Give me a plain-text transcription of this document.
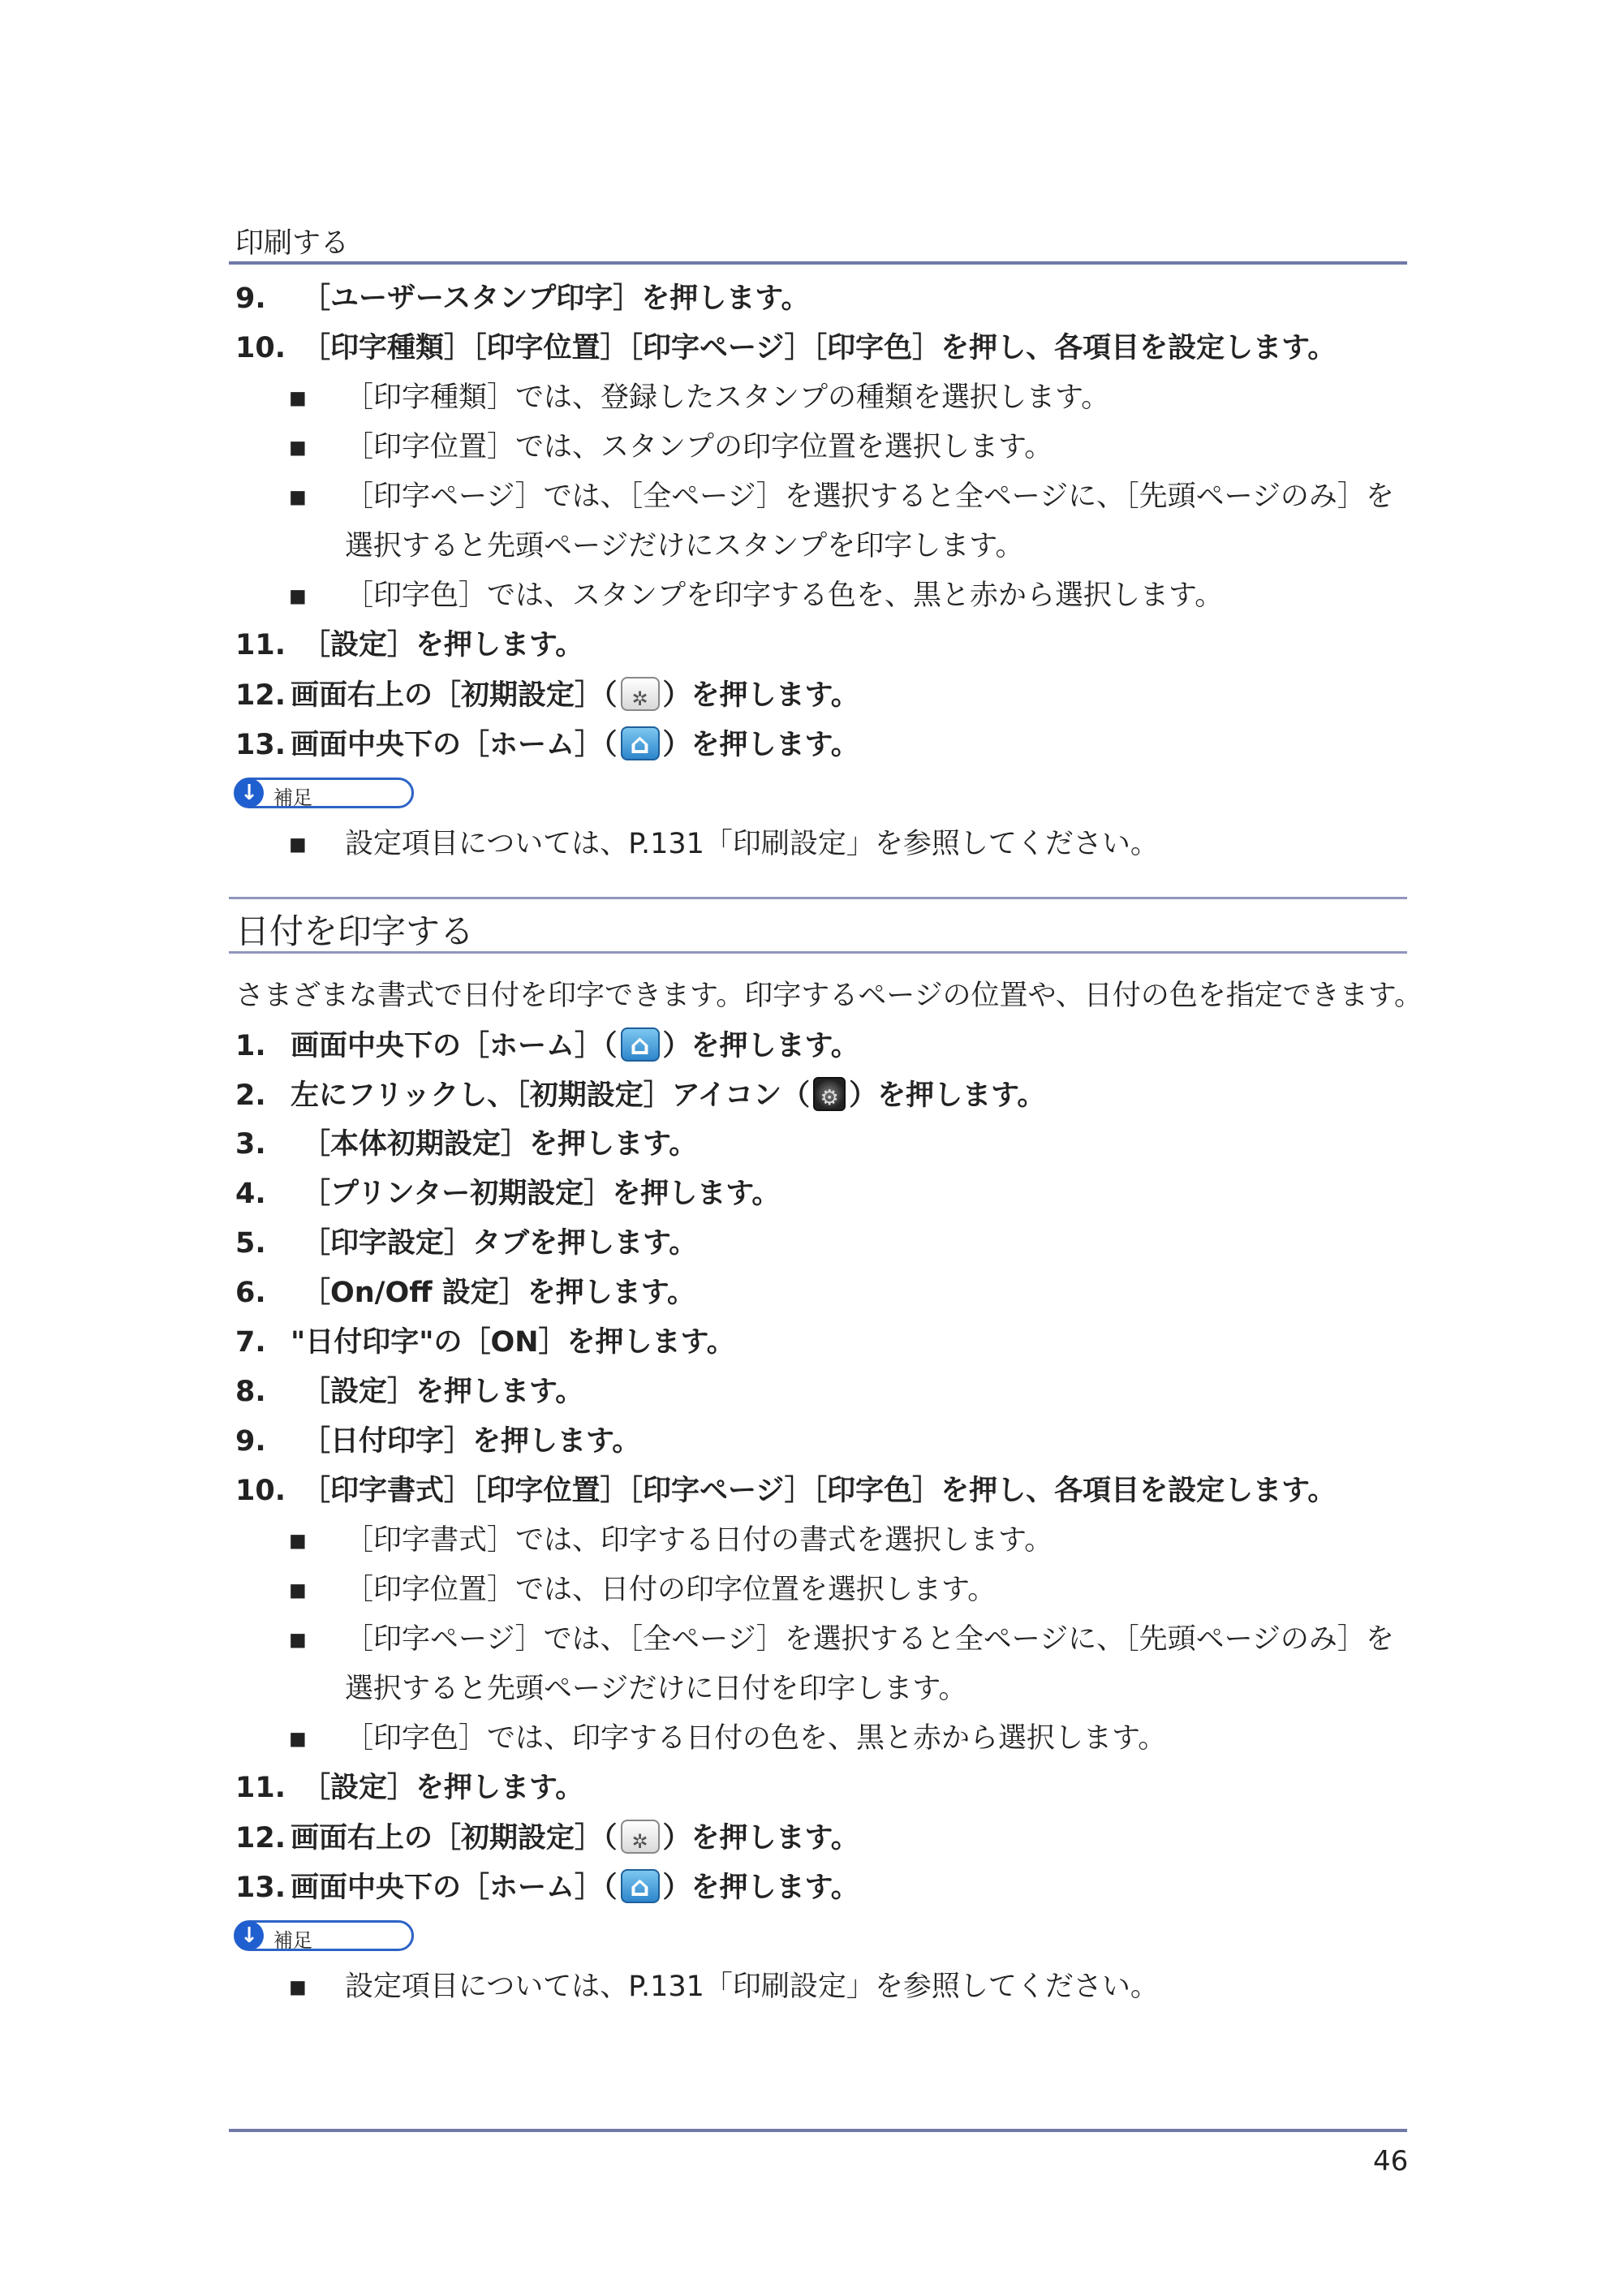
印刷する
9. ［ユーザースタンプ印字］を押します。
10. ［印字種類］［印字位置］［印字ページ］［印字色］を押し、各項目を設定します。
▪ ［印字種類］では、登録したスタンプの種類を選択します。
▪ ［印字位置］では、スタンプの印字位置を選択します。
▪ ［印字ページ］では、［全ページ］を選択すると全ページに、［先頭ページのみ］を
選択すると先頭ページだけにスタンプを印字します。
▪ ［印字色］では、スタンプを印字する色を、黒と赤から選択します。
11. ［設定］を押します。
12. 画面右上の［初期設定］（ ✲ ）を押します。
13. 画面中央下の［ホーム］（ ⌂ ）を押します。
↓ 補足
▪ 設定項目については、P.131「印刷設定」を参照してください。
日付を印字する
さまざまな書式で日付を印字できます。印字するページの位置や、日付の色を指定できます。
1. 画面中央下の［ホーム］（ ⌂ ）を押します。
2. 左にフリックし、［初期設定］アイコン（ ⚙ ）を押します。
3. ［本体初期設定］を押します。
4. ［プリンター初期設定］を押します。
5. ［印字設定］タブを押します。
6. ［On/Off 設定］を押します。
7. "日付印字"の［ON］を押します。
8. ［設定］を押します。
9. ［日付印字］を押します。
10. ［印字書式］［印字位置］［印字ページ］［印字色］を押し、各項目を設定します。
▪ ［印字書式］では、印字する日付の書式を選択します。
▪ ［印字位置］では、日付の印字位置を選択します。
▪ ［印字ページ］では、［全ページ］を選択すると全ページに、［先頭ページのみ］を
選択すると先頭ページだけに日付を印字します。
▪ ［印字色］では、印字する日付の色を、黒と赤から選択します。
11. ［設定］を押します。
12. 画面右上の［初期設定］（ ✲ ）を押します。
13. 画面中央下の［ホーム］（ ⌂ ）を押します。
↓ 補足
▪ 設定項目については、P.131「印刷設定」を参照してください。
46
